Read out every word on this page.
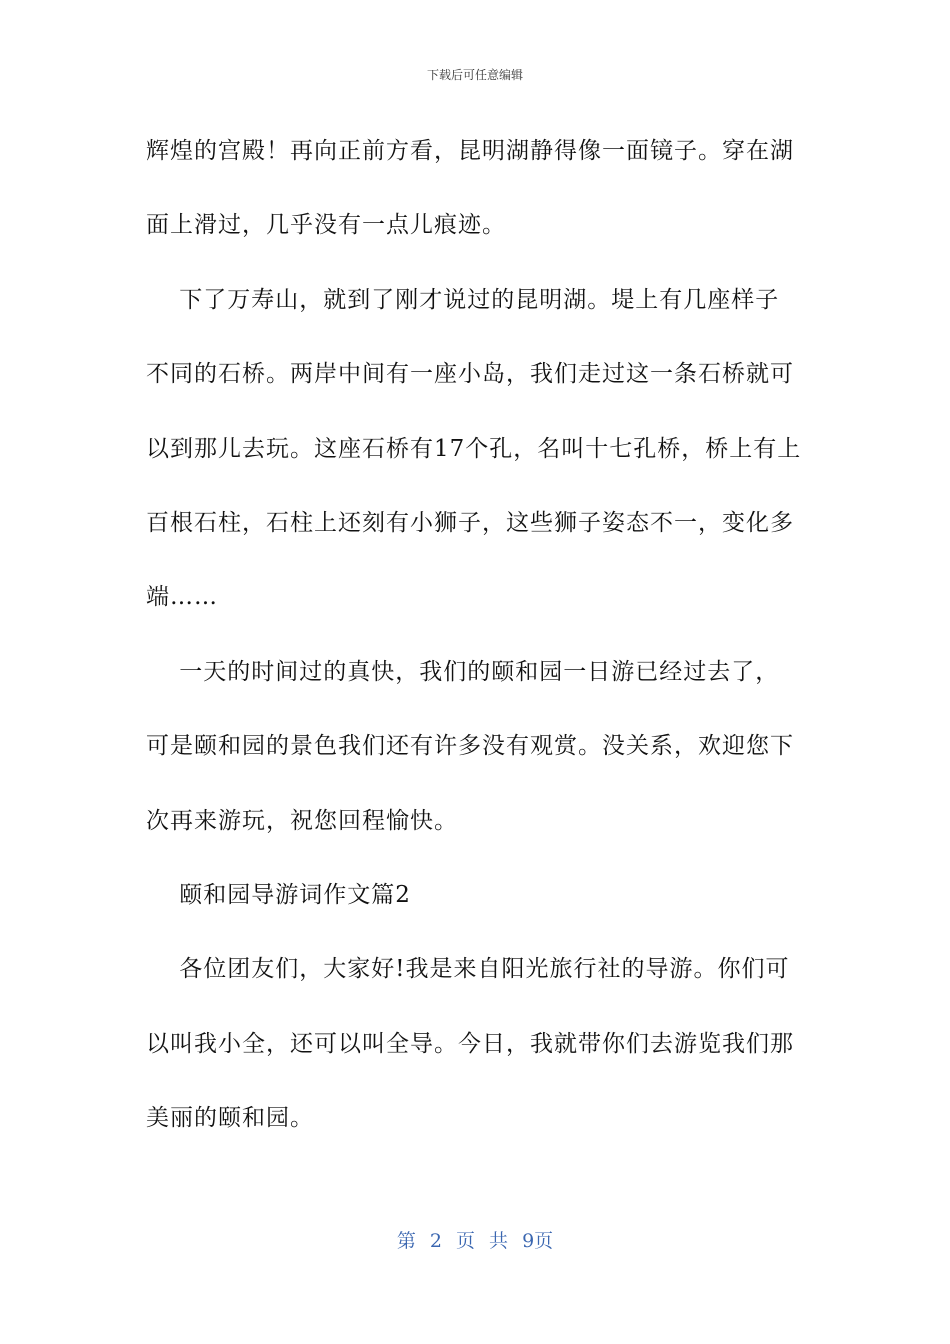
下载后可任意编辑

辉煌的宫殿！再向正前方看，昆明湖静得像一面镜子。穿在湖

面上滑过，几乎没有一点儿痕迹。

下了万寿山，就到了刚才说过的昆明湖。堤上有几座样子

不同的石桥。两岸中间有一座小岛，我们走过这一条石桥就可

以到那儿去玩。这座石桥有17个孔，名叫十七孔桥，桥上有上

百根石柱，石柱上还刻有小狮子，这些狮子姿态不一，变化多

端……

一天的时间过的真快，我们的颐和园一日游已经过去了，

可是颐和园的景色我们还有许多没有观赏。没关系，欢迎您下

次再来游玩，祝您回程愉快。

颐和园导游词作文篇2

各位团友们，大家好!我是来自阳光旅行社的导游。你们可

以叫我小全，还可以叫全导。今日，我就带你们去游览我们那

美丽的颐和园。

第 2 页 共 9页
